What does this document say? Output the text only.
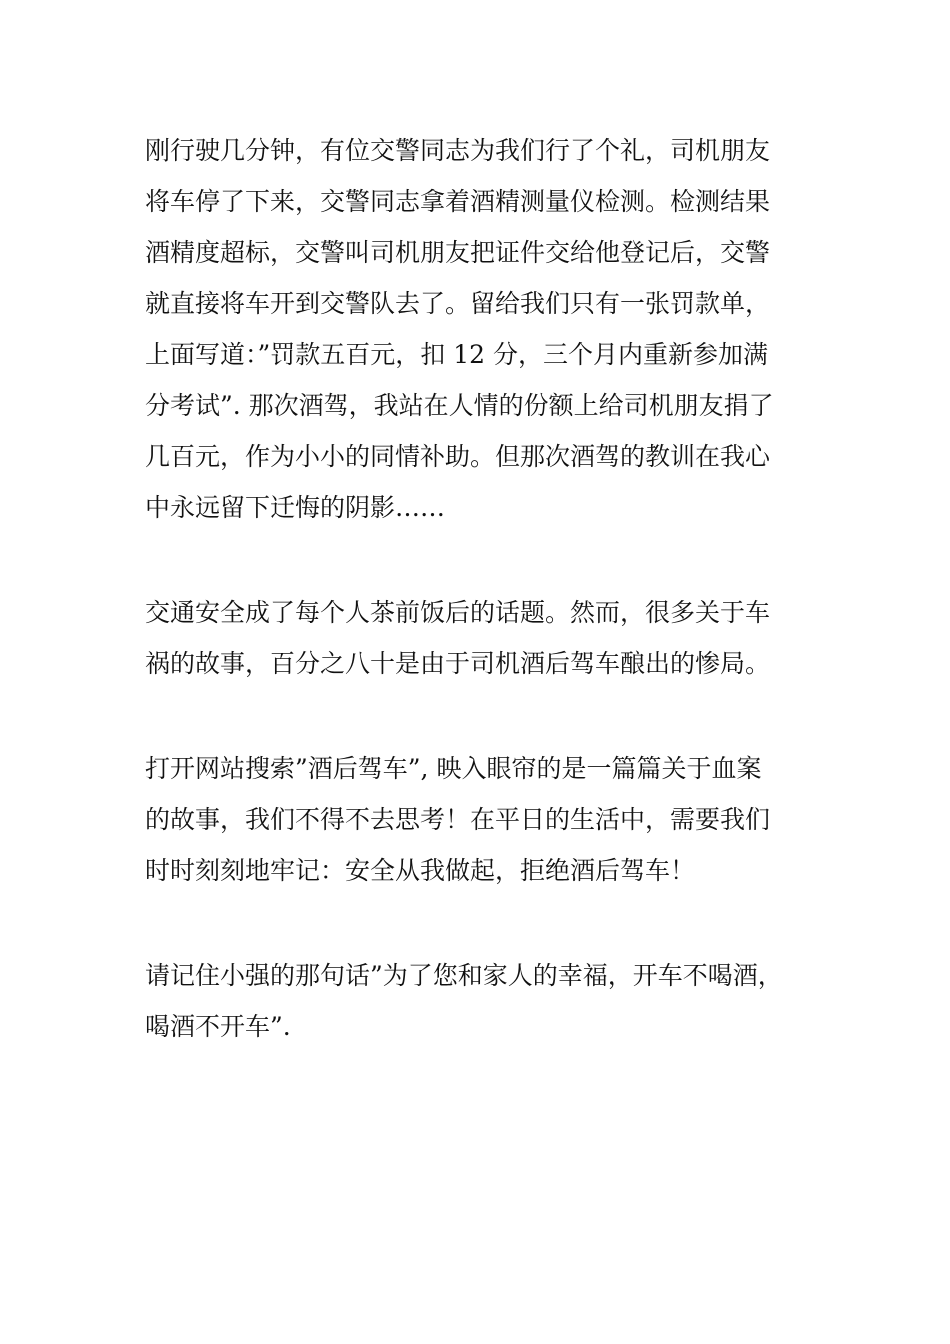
刚行驶几分钟，有位交警同志为我们行了个礼，司机朋友
将车停了下来，交警同志拿着酒精测量仪检测。检测结果
酒精度超标，交警叫司机朋友把证件交给他登记后，交警
就直接将车开到交警队去了。留给我们只有一张罚款单，
上面写道：”罚款五百元，扣 12 分，三个月内重新参加满
分考试”. 那次酒驾，我站在人情的份额上给司机朋友捐了
几百元，作为小小的同情补助。但那次酒驾的教训在我心
中永远留下迁悔的阴影……
交通安全成了每个人茶前饭后的话题。然而，很多关于车
祸的故事，百分之八十是由于司机酒后驾车酿出的惨局。
打开网站搜索”酒后驾车”, 映入眼帘的是一篇篇关于血案
的故事，我们不得不去思考！在平日的生活中，需要我们
时时刻刻地牢记：安全从我做起，拒绝酒后驾车！
请记住小强的那句话”为了您和家人的幸福，开车不喝酒，
喝酒不开车”.
